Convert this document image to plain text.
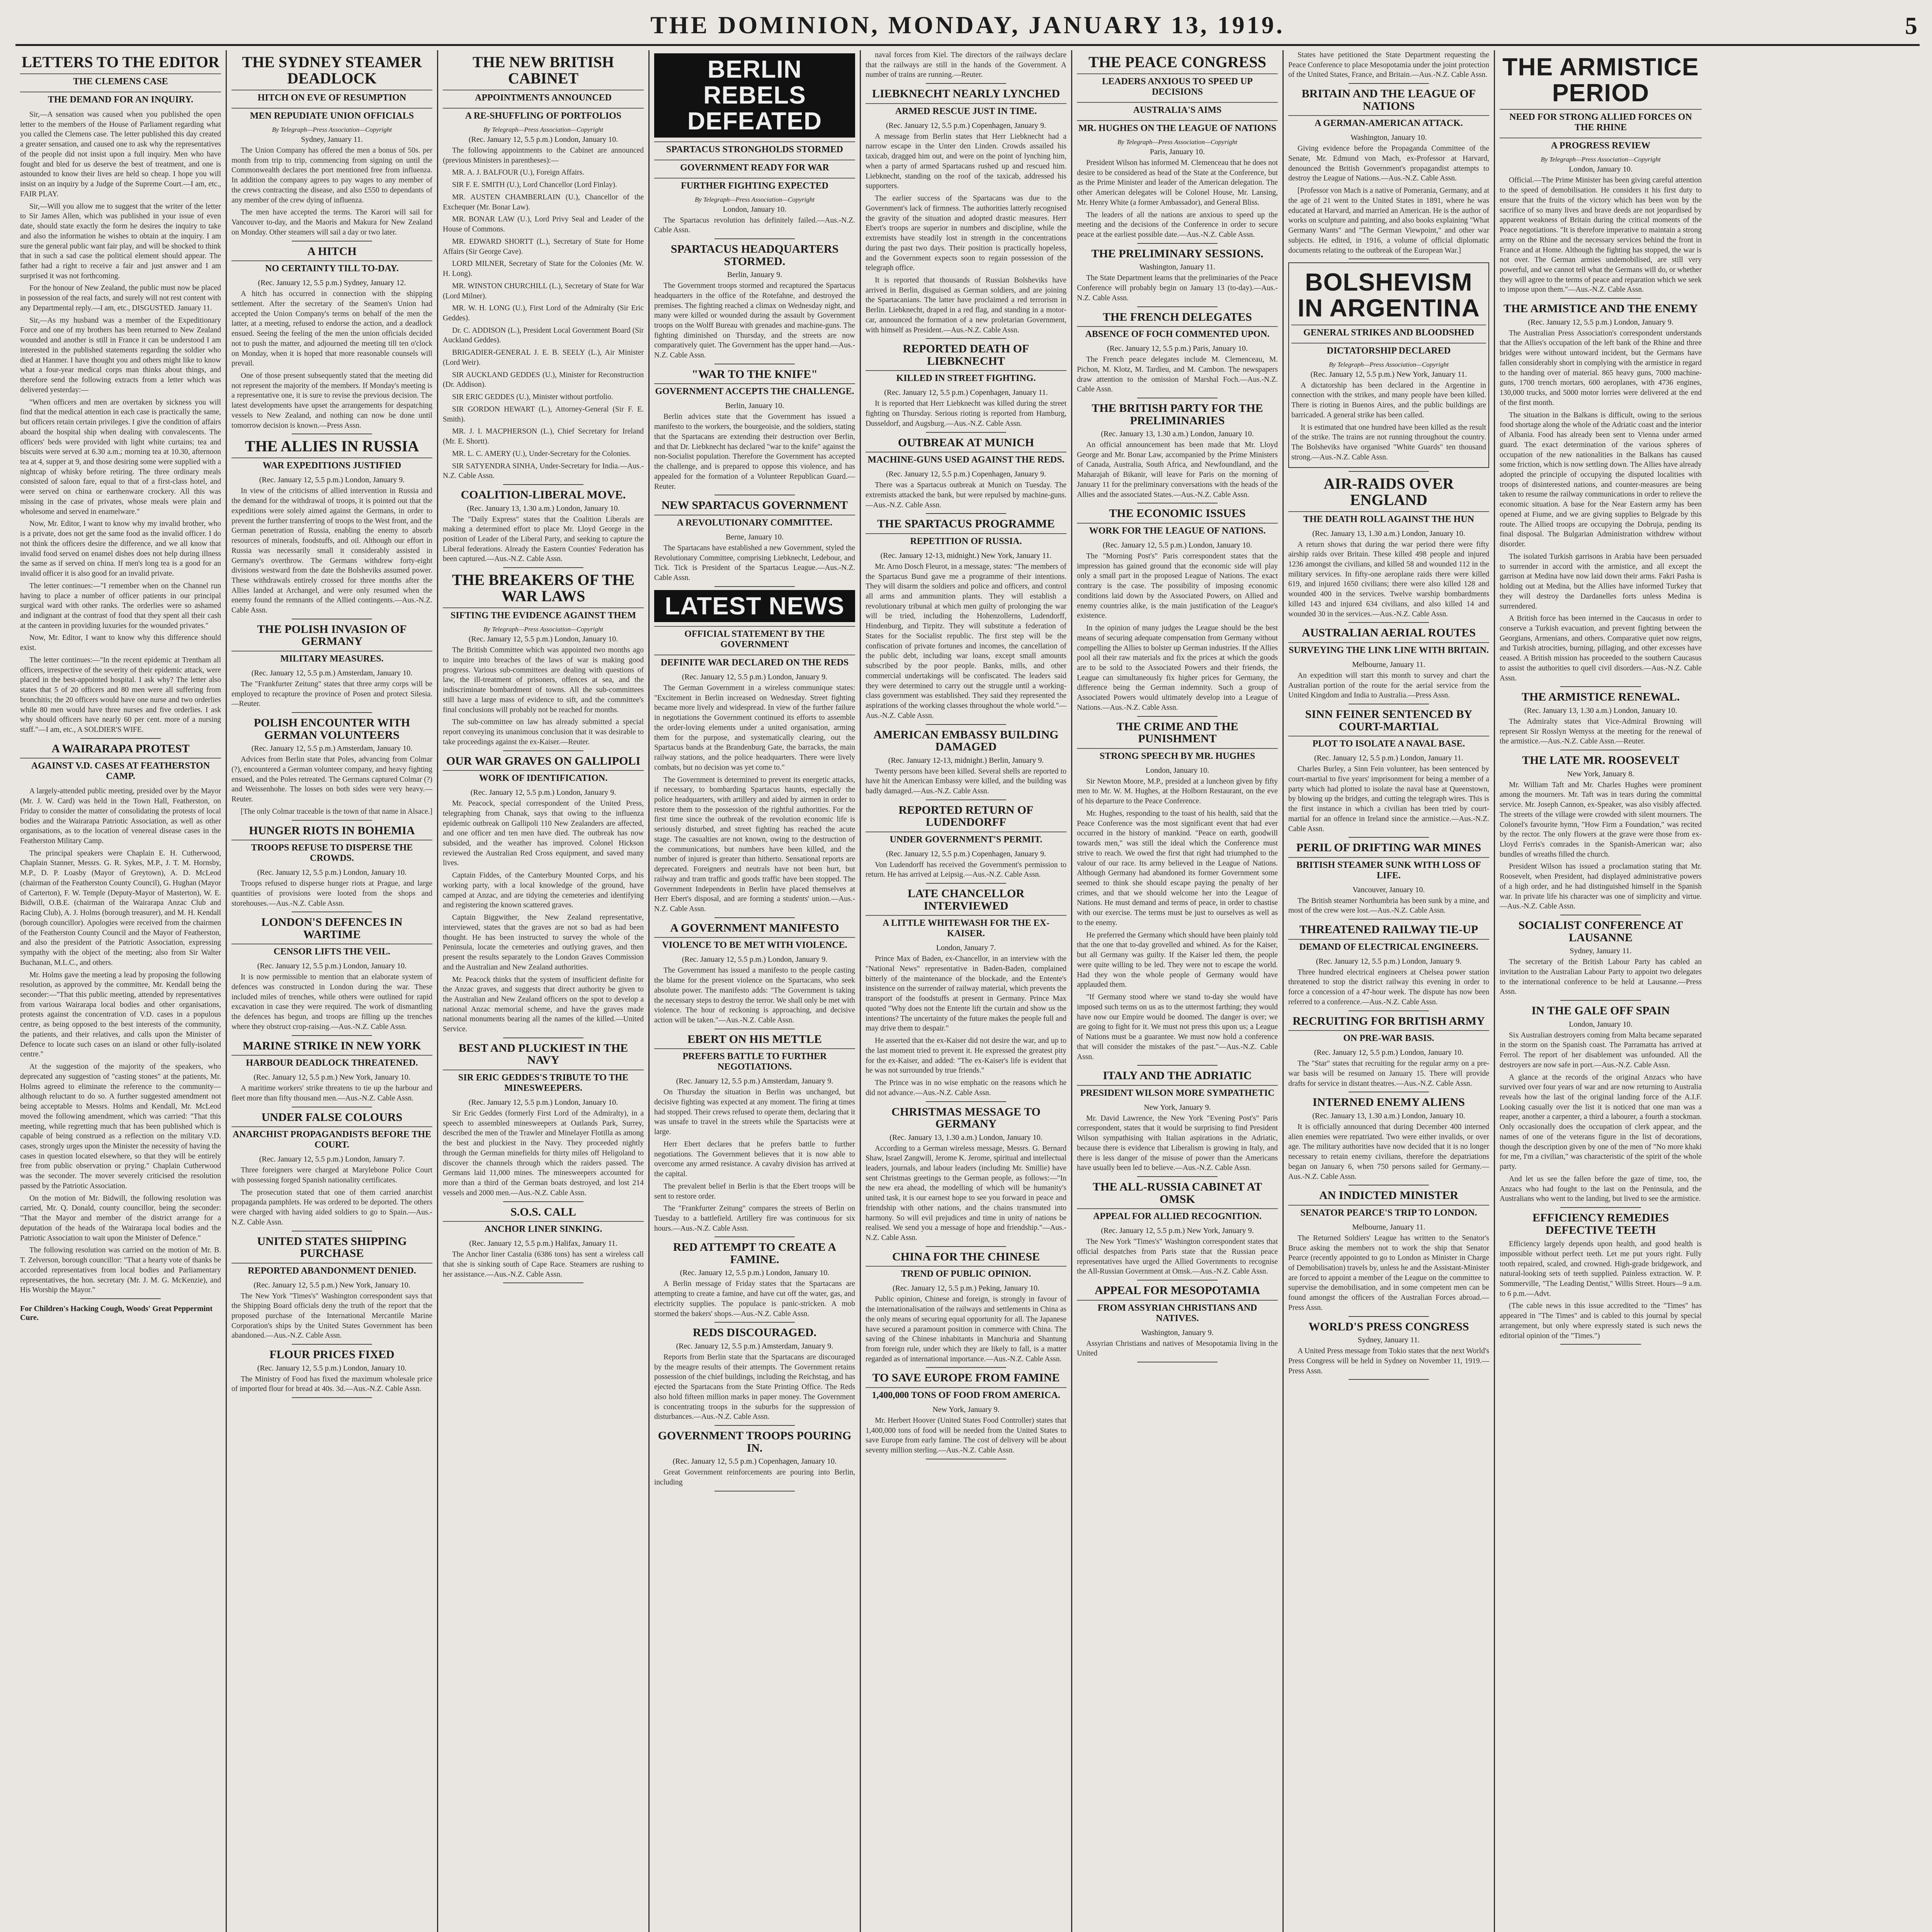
THE DOMINION, MONDAY, JANUARY 13, 1919.	5
LETTERS TO THE EDITOR
THE CLEMENS CASE
THE DEMAND FOR AN INQUIRY.

Sir,—A sensation was caused when you published the open letter to the members of the House of Parliament regarding what you called the Clemens case. The letter published this day created a greater sensation, and caused one to ask why the representatives of the people did not insist upon a full inquiry. Men who have fought and bled for us deserve the best of treatment, and one is astounded to know their lives are held so cheap. I hope you will insist on an inquiry by a Judge of the Supreme Court.—I am, etc., FAIR PLAY.

Sir,—Will you allow me to suggest that the writer of the letter to Sir James Allen, which was published in your issue of even date, should state exactly the form he desires the inquiry to take and also the information he wishes to obtain at the inquiry. I am sure the general public want fair play, and will be shocked to think that in such a sad case the political element should appear. The father had a right to receive a fair and just answer and I am surprised it was not forthcoming.

For the honour of New Zealand, the public must now be placed in possession of the real facts, and surely will not rest content with any Departmental reply.—I am, etc., DISGUSTED. January 11.

Sir,—As my husband was a member of the Expeditionary Force and one of my brothers has been returned to New Zealand wounded and another is still in France it can be understood I am interested in the published statements regarding the soldier who died at Hanmer. I have thought you and others might like to know what a four-year medical corps man thinks about things, and therefore send the following extracts from a letter which was delivered yesterday:—

"When officers and men are overtaken by sickness you will find that the medical attention in each case is practically the same, but officers retain certain privileges. I give the condition of affairs aboard the hospital ship when dealing with convalescents. The officers' beds were provided with light white curtains; tea and biscuits were served at 6.30 a.m.; morning tea at 10.30, afternoon tea at 4, supper at 9, and those desiring some were supplied with a nightcap of whisky before retiring. The three ordinary meals consisted of saloon fare, equal to that of a first-class hotel, and were served on china or earthenware crockery. All this was missing in the case of privates, whose meals were plain and wholesome and served in enamelware."

Now, Mr. Editor, I want to know why my invalid brother, who is a private, does not get the same food as the invalid officer. I do not think the officers desire the difference, and we all know that invalid food served on enamel dishes does not help during illness the same as if served on china. If men's long tea is a good for an invalid officer it is also good for an invalid private.

The letter continues:—"I remember when on the Channel run having to place a number of officer patients in our principal surgical ward with other ranks. The orderlies were so ashamed and indignant at the contrast of food that they spent all their cash at the canteen in providing luxuries for the wounded privates."

Now, Mr. Editor, I want to know why this difference should exist.

The letter continues:—"In the recent epidemic at Trentham all officers, irrespective of the severity of their epidemic attack, were placed in the best-appointed hospital. I ask why? The letter also states that 5 of 20 officers and 80 men were all suffering from bronchitis; the 20 officers would have one nurse and two orderlies while 80 men would have three nurses and five orderlies. I ask why should officers have nearly 60 per cent. more of a nursing staff."—I am, etc., A SOLDIER'S WIFE.

A WAIRARAPA PROTEST
AGAINST V.D. CASES AT FEATHERSTON CAMP.

A largely-attended public meeting, presided over by the Mayor (Mr. J. W. Card) was held in the Town Hall, Featherston, on Friday to consider the matter of consolidating the protests of local bodies and the Wairarapa Patriotic Association, as well as other organisations, as to the location of venereal disease cases in the Featherston Military Camp.

The principal speakers were Chaplain E. H. Cutherwood, Chaplain Stanner, Messrs. G. R. Sykes, M.P., J. T. M. Hornsby, M.P., D. P. Loasby (Mayor of Greytown), A. D. McLeod (chairman of the Featherston County Council), G. Hughan (Mayor of Carterton), F. W. Temple (Deputy-Mayor of Masterton), W. E. Bidwill, O.B.E. (chairman of the Wairarapa Anzac Club and Racing Club), A. J. Holms (borough treasurer), and M. H. Kendall (borough councillor). Apologies were received from the chairmen of the Featherston County Council and the Mayor of Featherston, and also the president of the Patriotic Association, expressing sympathy with the object of the meeting; also from Sir Walter Buchanan, M.L.C., and others.

Mr. Holms gave the meeting a lead by proposing the following resolution, as approved by the committee, Mr. Kendall being the seconder:—"That this public meeting, attended by representatives from various Wairarapa local bodies and other organisations, protests against the concentration of V.D. cases in a populous centre, as being opposed to the best interests of the community, the patients, and their relatives, and calls upon the Minister of Defence to locate such cases on an island or other fully-isolated centre."

At the suggestion of the majority of the speakers, who deprecated any suggestion of "casting stones" at the patients, Mr. Holms agreed to eliminate the reference to the community—although reluctant to do so. A further suggested amendment not being acceptable to Messrs. Holms and Kendall, Mr. McLeod moved the following amendment, which was carried: "That this meeting, while regretting much that has been published which is capable of being construed as a reflection on the military V.D. cases, strongly urges upon the Minister the necessity of having the cases in question located elsewhere, so that they will be entirely free from public observation or prying." Chaplain Cutherwood was the seconder. The mover severely criticised the resolution passed by the Patriotic Association.

On the motion of Mr. Bidwill, the following resolution was carried, Mr. Q. Donald, county councillor, being the seconder: "That the Mayor and member of the district arrange for a deputation of the heads of the Wairarapa local bodies and the Patriotic Association to wait upon the Minister of Defence."

The following resolution was carried on the motion of Mr. B. T. Zelverson, borough councillor: "That a hearty vote of thanks be accorded representatives from local bodies and Parliamentary representatives, the hon. secretary (Mr. J. M. G. McKenzie), and His Worship the Mayor."

For Children's Hacking Cough, Woods' Great Peppermint Cure.
THE SYDNEY STEAMER DEADLOCK
HITCH ON EVE OF RESUMPTION
MEN REPUDIATE UNION OFFICIALS
By Telegraph—Press Association—Copyright
Sydney, January 11.

The Union Company has offered the men a bonus of 50s. per month from trip to trip, commencing from signing on until the Commonwealth declares the port mentioned free from influenza. In addition the company agrees to pay wages to any member of the crews contracting the disease, and also £550 to dependants of any member of the crew dying of influenza.

The men have accepted the terms. The Karori will sail for Vancouver to-day, and the Maoris and Makura for New Zealand on Monday. Other steamers will sail a day or two later.

A HITCH
NO CERTAINTY TILL TO-DAY.
(Rec. January 12, 5.5 p.m.) Sydney, January 12.

A hitch has occurred in connection with the shipping settlement. After the secretary of the Seamen's Union had accepted the Union Company's terms on behalf of the men the latter, at a meeting, refused to endorse the action, and a deadlock ensued. Seeing the feeling of the men the union officials decided not to push the matter, and adjourned the meeting till ten o'clock on Monday, when it is hoped that more reasonable counsels will prevail.

One of those present subsequently stated that the meeting did not represent the majority of the members. If Monday's meeting is a representative one, it is sure to revise the previous decision. The latest developments have upset the arrangements for despatching vessels to New Zealand, and nothing can now be done until tomorrow decision is known.—Press Assn.

THE ALLIES IN RUSSIA
WAR EXPEDITIONS JUSTIFIED
(Rec. January 12, 5.5 p.m.) London, January 9.

In view of the criticisms of allied intervention in Russia and the demand for the withdrawal of troops, it is pointed out that the expeditions were solely aimed against the Germans, in order to prevent the further transferring of troops to the West front, and the German penetration of Russia, enabling the enemy to absorb resources of minerals, foodstuffs, and oil. Although our effort in Russia was necessarily small it considerably assisted in Germany's overthrow. The Germans withdrew forty-eight divisions westward from the date the Bolsheviks assumed power. These withdrawals entirely crossed for three months after the Allies landed at Archangel, and were only resumed when the enemy found the remnants of the Allied contingents.—Aus.-N.Z. Cable Assn.

THE POLISH INVASION OF GERMANY
MILITARY MEASURES.
(Rec. January 12, 5.5 p.m.) Amsterdam, January 10.

The "Frankfurter Zeitung" states that three army corps will be employed to recapture the province of Posen and protect Silesia.—Reuter.

POLISH ENCOUNTER WITH GERMAN VOLUNTEERS
(Rec. January 12, 5.5 p.m.) Amsterdam, January 10.

Advices from Berlin state that Poles, advancing from Colmar (?), encountered a German volunteer company, and heavy fighting ensued, and the Poles retreated. The Germans captured Colmar (?) and Weissenhohe. The losses on both sides were very heavy.—Reuter.

[The only Colmar traceable is the town of that name in Alsace.]

HUNGER RIOTS IN BOHEMIA
TROOPS REFUSE TO DISPERSE THE CROWDS.
(Rec. January 12, 5.5 p.m.) London, January 10.

Troops refused to disperse hunger riots at Prague, and large quantities of provisions were looted from the shops and storehouses.—Aus.-N.Z. Cable Assn.

LONDON'S DEFENCES IN WARTIME
CENSOR LIFTS THE VEIL.
(Rec. January 12, 5.5 p.m.) London, January 10.

It is now permissible to mention that an elaborate system of defences was constructed in London during the war. These included miles of trenches, while others were outlined for rapid excavation in case they were required. The work of dismantling the defences has begun, and troops are filling up the trenches where they obstruct crop-raising.—Aus.-N.Z. Cable Assn.

MARINE STRIKE IN NEW YORK
HARBOUR DEADLOCK THREATENED.
(Rec. January 12, 5.5 p.m.) New York, January 10.

A maritime workers' strike threatens to tie up the harbour and fleet more than fifty thousand men.—Aus.-N.Z. Cable Assn.

UNDER FALSE COLOURS
ANARCHIST PROPAGANDISTS BEFORE THE COURT.
(Rec. January 12, 5.5 p.m.) London, January 7.

Three foreigners were charged at Marylebone Police Court with possessing forged Spanish nationality certificates.

The prosecution stated that one of them carried anarchist propaganda pamphlets. He was ordered to be deported. The others were charged with having aided soldiers to go to Spain.—Aus.-N.Z. Cable Assn.

UNITED STATES SHIPPING PURCHASE
REPORTED ABANDONMENT DENIED.
(Rec. January 12, 5.5 p.m.) New York, January 10.

The New York "Times's" Washington correspondent says that the Shipping Board officials deny the truth of the report that the proposed purchase of the International Mercantile Marine Corporation's ships by the United States Government has been abandoned.—Aus.-N.Z. Cable Assn.

FLOUR PRICES FIXED
(Rec. January 12, 5.5 p.m.) London, January 10.

The Ministry of Food has fixed the maximum wholesale price of imported flour for bread at 40s. 3d.—Aus.-N.Z. Cable Assn.

THE NEW BRITISH CABINET
APPOINTMENTS ANNOUNCED
A RE-SHUFFLING OF PORTFOLIOS
By Telegraph—Press Association—Copyright
(Rec. January 12, 5.5 p.m.) London, January 10.

The following appointments to the Cabinet are announced (previous Ministers in parentheses):—

MR. A. J. BALFOUR (U.), Foreign Affairs.

SIR F. E. SMITH (U.), Lord Chancellor (Lord Finlay).

MR. AUSTEN CHAMBERLAIN (U.), Chancellor of the Exchequer (Mr. Bonar Law).

MR. BONAR LAW (U.), Lord Privy Seal and Leader of the House of Commons.

MR. EDWARD SHORTT (L.), Secretary of State for Home Affairs (Sir George Cave).

LORD MILNER, Secretary of State for the Colonies (Mr. W. H. Long).

MR. WINSTON CHURCHILL (L.), Secretary of State for War (Lord Milner).

MR. W. H. LONG (U.), First Lord of the Admiralty (Sir Eric Geddes).

Dr. C. ADDISON (L.), President Local Government Board (Sir Auckland Geddes).

BRIGADIER-GENERAL J. E. B. SEELY (L.), Air Minister (Lord Weir).

SIR AUCKLAND GEDDES (U.), Minister for Reconstruction (Dr. Addison).

SIR ERIC GEDDES (U.), Minister without portfolio.

SIR GORDON HEWART (L.), Attorney-General (Sir F. E. Smith).

MR. J. I. MACPHERSON (L.), Chief Secretary for Ireland (Mr. E. Shortt).

MR. L. C. AMERY (U.), Under-Secretary for the Colonies.

SIR SATYENDRA SINHA, Under-Secretary for India.—Aus.-N.Z. Cable Assn.

COALITION-LIBERAL MOVE.
(Rec. January 13, 1.30 a.m.) London, January 10.

The "Daily Express" states that the Coalition Liberals are making a determined effort to place Mr. Lloyd George in the position of Leader of the Liberal Party, and seeking to capture the Liberal federations. Already the Eastern Counties' Federation has been captured.—Aus.-N.Z. Cable Assn.

THE BREAKERS OF THE WAR LAWS
SIFTING THE EVIDENCE AGAINST THEM
By Telegraph—Press Association—Copyright
(Rec. January 12, 5.5 p.m.) London, January 10.

The British Committee which was appointed two months ago to inquire into breaches of the laws of war is making good progress. Various sub-committees are dealing with questions of law, the ill-treatment of prisoners, offences at sea, and the indiscriminate bombardment of towns. All the sub-committees still have a large mass of evidence to sift, and the committee's final conclusions will probably not be reached for months.

The sub-committee on law has already submitted a special report conveying its unanimous conclusion that it was desirable to take proceedings against the ex-Kaiser.—Reuter.

OUR WAR GRAVES ON GALLIPOLI
WORK OF IDENTIFICATION.
(Rec. January 12, 5.5 p.m.) London, January 9.

Mr. Peacock, special correspondent of the United Press, telegraphing from Chanak, says that owing to the influenza epidemic outbreak on Gallipoli 110 New Zealanders are affected, and one officer and ten men have died. The outbreak has now subsided, and the weather has improved. Colonel Hickson reviewed the Australian Red Cross equipment, and saved many lives.

Captain Fiddes, of the Canterbury Mounted Corps, and his working party, with a local knowledge of the ground, have camped at Anzac, and are tidying the cemeteries and identifying and registering the known scattered graves.

Captain Biggwither, the New Zealand representative, interviewed, states that the graves are not so bad as had been thought. He has been instructed to survey the whole of the Peninsula, locate the cemeteries and outlying graves, and then present the results separately to the London Graves Commission and the Australian and New Zealand authorities.

Mr. Peacock thinks that the system of insufficient definite for the Anzac graves, and suggests that direct authority be given to the Australian and New Zealand officers on the spot to develop a national Anzac memorial scheme, and have the graves made national monuments bearing all the names of the killed.—United Service.

BEST AND PLUCKIEST IN THE NAVY
SIR ERIC GEDDES'S TRIBUTE TO THE MINESWEEPERS.
(Rec. January 12, 5.5 p.m.) London, January 10.

Sir Eric Geddes (formerly First Lord of the Admiralty), in a speech to assembled minesweepers at Oatlands Park, Surrey, described the men of the Trawler and Minelayer Flotilla as among the best and pluckiest in the Navy. They proceeded nightly through the German minefields for thirty miles off Heligoland to discover the channels through which the raiders passed. The Germans laid 11,000 mines. The minesweepers accounted for more than a third of the German boats destroyed, and lost 214 vessels and 2000 men.—Aus.-N.Z. Cable Assn.

S.O.S. CALL
ANCHOR LINER SINKING.
(Rec. January 12, 5.5 p.m.) Halifax, January 11.

The Anchor liner Castalia (6386 tons) has sent a wireless call that she is sinking south of Cape Race. Steamers are rushing to her assistance.—Aus.-N.Z. Cable Assn.

BERLIN REBELS DEFEATED
SPARTACUS STRONGHOLDS STORMED
GOVERNMENT READY FOR WAR
FURTHER FIGHTING EXPECTED
By Telegraph—Press Association—Copyright
London, January 10.

The Spartacus revolution has definitely failed.—Aus.-N.Z. Cable Assn.

SPARTACUS HEADQUARTERS STORMED.
Berlin, January 9.

The Government troops stormed and recaptured the Spartacus headquarters in the office of the Rotefahne, and destroyed the premises. The fighting reached a climax on Wednesday night, and many were killed or wounded during the assault by Government troops on the Wolff Bureau with grenades and machine-guns. The fighting diminished on Thursday, and the streets are now comparatively quiet. The Government has the upper hand.—Aus.-N.Z. Cable Assn.

"WAR TO THE KNIFE"
GOVERNMENT ACCEPTS THE CHALLENGE.
Berlin, January 10.

Berlin advices state that the Government has issued a manifesto to the workers, the bourgeoisie, and the soldiers, stating that the Spartacans are extending their destruction over Berlin, and that Dr. Liebknecht has declared "war to the knife" against the non-Socialist population. Therefore the Government has accepted the challenge, and is prepared to oppose this violence, and has appealed for the formation of a Volunteer Republican Guard.—Reuter.

NEW SPARTACUS GOVERNMENT
A REVOLUTIONARY COMMITTEE.
Berne, January 10.

The Spartacans have established a new Government, styled the Revolutionary Committee, comprising Liebknecht, Ledebour, and Tick. Tick is President of the Spartacus League.—Aus.-N.Z. Cable Assn.

LATEST NEWS
OFFICIAL STATEMENT BY THE GOVERNMENT
DEFINITE WAR DECLARED ON THE REDS
(Rec. January 12, 5.5 p.m.) London, January 9.

The German Government in a wireless communique states: "Excitement in Berlin increased on Wednesday. Street fighting became more lively and widespread. In view of the further failure in negotiations the Government continued its efforts to assemble the order-loving elements under a united organisation, arming them for the purpose, and systematically clearing, out the Spartacus bands at the Brandenburg Gate, the barracks, the main railway stations, and the police headquarters. There were lively combats, but no decision was yet come to."

The Government is determined to prevent its energetic attacks, if necessary, to bombarding Spartacus haunts, especially the police headquarters, with artillery and aided by airmen in order to restore them to the possession of the rightful authorities. For the first time since the outbreak of the revolution economic life is seriously disturbed, and street fighting has reached the acute stage. The casualties are not known, owing to the destruction of the communications, but numbers have been killed, and the number of injured is greater than hitherto. Sensational reports are deprecated. Foreigners and neutrals have not been hurt, but railway and tram traffic and goods traffic have been stopped. The Government Independents in Berlin have placed themselves at Herr Ebert's disposal, and are forming a students' union.—Aus.-N.Z. Cable Assn.

A GOVERNMENT MANIFESTO
VIOLENCE TO BE MET WITH VIOLENCE.
(Rec. January 12, 5.5 p.m.) London, January 9.

The Government has issued a manifesto to the people casting the blame for the present violence on the Spartacans, who seek absolute power. The manifesto adds: "The Government is taking the necessary steps to destroy the terror. We shall only be met with violence. The hour of reckoning is approaching, and decisive action will be taken."—Aus.-N.Z. Cable Assn.

EBERT ON HIS METTLE
PREFERS BATTLE TO FURTHER NEGOTIATIONS.
(Rec. January 12, 5.5 p.m.) Amsterdam, January 9.

On Thursday the situation in Berlin was unchanged, but decisive fighting was expected at any moment. The firing at times had stopped. Their crews refused to operate them, declaring that it was unsafe to travel in the streets while the Spartacists were at large.

Herr Ebert declares that he prefers battle to further negotiations. The Government believes that it is now able to overcome any armed resistance. A cavalry division has arrived at the capital.

The prevalent belief in Berlin is that the Ebert troops will be sent to restore order.

The "Frankfurter Zeitung" compares the streets of Berlin on Tuesday to a battlefield. Artillery fire was continuous for six hours.—Aus.-N.Z. Cable Assn.

RED ATTEMPT TO CREATE A FAMINE.
(Rec. January 12, 5.5 p.m.) London, January 10.

A Berlin message of Friday states that the Spartacans are attempting to create a famine, and have cut off the water, gas, and electricity supplies. The populace is panic-stricken. A mob stormed the bakers' shops.—Aus.-N.Z. Cable Assn.

REDS DISCOURAGED.
(Rec. January 12, 5.5 p.m.) Amsterdam, January 9.

Reports from Berlin state that the Spartacans are discouraged by the meagre results of their attempts. The Government retains possession of the chief buildings, including the Reichstag, and has ejected the Spartacans from the State Printing Office. The Reds also hold fifteen million marks in paper money. The Government is concentrating troops in the suburbs for the suppression of disturbances.—Aus.-N.Z. Cable Assn.

GOVERNMENT TROOPS POURING IN.
(Rec. January 12, 5.5 p.m.) Copenhagen, January 10.

Great Government reinforcements are pouring into Berlin, including

naval forces from Kiel. The directors of the railways declare that the railways are still in the hands of the Government. A number of trains are running.—Reuter.

LIEBKNECHT NEARLY LYNCHED
ARMED RESCUE JUST IN TIME.
(Rec. January 12, 5.5 p.m.) Copenhagen, January 9.

A message from Berlin states that Herr Liebknecht had a narrow escape in the Unter den Linden. Crowds assailed his taxicab, dragged him out, and were on the point of lynching him, when a party of armed Spartacans rushed up and rescued him. Liebknecht, standing on the roof of the taxicab, addressed his supporters.

The earlier success of the Spartacans was due to the Government's lack of firmness. The authorities latterly recognised the gravity of the situation and adopted drastic measures. Herr Ebert's troops are superior in numbers and discipline, while the extremists have steadily lost in strength in the concentrations during the past two days. Their position is practically hopeless, and the Government expects soon to regain possession of the telegraph office.

It is reported that thousands of Russian Bolsheviks have arrived in Berlin, disguised as German soldiers, and are joining the Spartacanians. The latter have proclaimed a red terrorism in Berlin. Liebknecht, draped in a red flag, and standing in a motor-car, announced the formation of a new proletarian Government, with himself as President.—Aus.-N.Z. Cable Assn.

REPORTED DEATH OF LIEBKNECHT
KILLED IN STREET FIGHTING.
(Rec. January 12, 5.5 p.m.) Copenhagen, January 11.

It is reported that Herr Liebknecht was killed during the street fighting on Thursday. Serious rioting is reported from Hamburg, Dusseldorf, and Augsburg.—Aus.-N.Z. Cable Assn.

OUTBREAK AT MUNICH
MACHINE-GUNS USED AGAINST THE REDS.
(Rec. January 12, 5.5 p.m.) Copenhagen, January 9.

There was a Spartacus outbreak at Munich on Tuesday. The extremists attacked the bank, but were repulsed by machine-guns.—Aus.-N.Z. Cable Assn.

THE SPARTACUS PROGRAMME
REPETITION OF RUSSIA.
(Rec. January 12-13, midnight.) New York, January 11.

Mr. Arno Dosch Fleurot, in a message, states: "The members of the Spartacus Bund gave me a programme of their intentions. They will disarm the soldiers and police and officers, and control all arms and ammunition plants. They will establish a revolutionary tribunal at which men guilty of prolonging the war will be tried, including the Hohenzollerns, Ludendorff, Hindenburg, and Tirpitz. They will substitute a federation of States for the Socialist republic. The first step will be the confiscation of private fortunes and incomes, the cancellation of the public debt, including war loans, except small amounts subscribed by the poor people. Banks, mills, and other commercial undertakings will be confiscated. The leaders said they were determined to carry out the struggle until a working-class government was established. They said they represented the aspirations of the working classes throughout the whole world."—Aus.-N.Z. Cable Assn.

AMERICAN EMBASSY BUILDING DAMAGED
(Rec. January 12-13, midnight.) Berlin, January 9.

Twenty persons have been killed. Several shells are reported to have hit the American Embassy were killed, and the building was badly damaged.—Aus.-N.Z. Cable Assn.

REPORTED RETURN OF LUDENDORFF
UNDER GOVERNMENT'S PERMIT.
(Rec. January 12, 5.5 p.m.) Copenhagen, January 9.

Von Ludendorff has received the Government's permission to return. He has arrived at Leipsig.—Aus.-N.Z. Cable Assn.

LATE CHANCELLOR INTERVIEWED
A LITTLE WHITEWASH FOR THE EX-KAISER.
London, January 7.

Prince Max of Baden, ex-Chancellor, in an interview with the "National News" representative in Baden-Baden, complained bitterly of the maintenance of the blockade, and the Entente's insistence on the surrender of railway material, which prevents the transport of the foodstuffs at present in Germany. Prince Max quoted "Why does not the Entente lift the curtain and show us the intentions? The uncertainty of the future makes the people full and may drive them to despair."

He asserted that the ex-Kaiser did not desire the war, and up to the last moment tried to prevent it. He expressed the greatest pity for the ex-Kaiser, and added: "The ex-Kaiser's life is evident that he was not surrounded by true friends."

The Prince was in no wise emphatic on the reasons which he did not advance.—Aus.-N.Z. Cable Assn.

CHRISTMAS MESSAGE TO GERMANY
(Rec. January 13, 1.30 a.m.) London, January 10.

According to a German wireless message, Messrs. G. Bernard Shaw, Israel Zangwill, Jerome K. Jerome, spiritual and intellectual leaders, journals, and labour leaders (including Mr. Smillie) have sent Christmas greetings to the German people, as follows:—"In the new era ahead, the modelling of which will be humanity's united task, it is our earnest hope to see you forward in peace and friendship with other nations, and the chains transmuted into harmony. So will evil prejudices and time in unity of nations be realised. We send you a message of hope and friendship."—Aus.-N.Z. Cable Assn.

CHINA FOR THE CHINESE
TREND OF PUBLIC OPINION.
(Rec. January 12, 5.5 p.m.) Peking, January 10.

Public opinion, Chinese and foreign, is strongly in favour of the internationalisation of the railways and settlements in China as the only means of securing equal opportunity for all. The Japanese have secured a paramount position in commerce with China. The saving of the Chinese inhabitants in Manchuria and Shantung from foreign rule, under which they are likely to fall, is a matter regarded as of international importance.—Aus.-N.Z. Cable Assn.

TO SAVE EUROPE FROM FAMINE
1,400,000 TONS OF FOOD FROM AMERICA.
New York, January 9.

Mr. Herbert Hoover (United States Food Controller) states that 1,400,000 tons of food will be needed from the United States to save Europe from early famine. The cost of delivery will be about seventy million sterling.—Aus.-N.Z. Cable Assn.

THE PEACE CONGRESS
LEADERS ANXIOUS TO SPEED UP DECISIONS
AUSTRALIA'S AIMS
MR. HUGHES ON THE LEAGUE OF NATIONS
By Telegraph—Press Association—Copyright
Paris, January 10.

President Wilson has informed M. Clemenceau that he does not desire to be considered as head of the State at the Conference, but as the Prime Minister and leader of the American delegation. The other American delegates will be Colonel House, Mr. Lansing, Mr. Henry White (a former Ambassador), and General Bliss.

The leaders of all the nations are anxious to speed up the meeting and the decisions of the Conference in order to secure peace at the earliest possible date.—Aus.-N.Z. Cable Assn.

THE PRELIMINARY SESSIONS.
Washington, January 11.

The State Department learns that the preliminaries of the Peace Conference will probably begin on January 13 (to-day).—Aus.-N.Z. Cable Assn.

THE FRENCH DELEGATES
ABSENCE OF FOCH COMMENTED UPON.
(Rec. January 12, 5.5 p.m.) Paris, January 10.

The French peace delegates include M. Clemenceau, M. Pichon, M. Klotz, M. Tardieu, and M. Cambon. The newspapers draw attention to the omission of Marshal Foch.—Aus.-N.Z. Cable Assn.

THE BRITISH PARTY FOR THE PRELIMINARIES
(Rec. January 13, 1.30 a.m.) London, January 10.

An official announcement has been made that Mr. Lloyd George and Mr. Bonar Law, accompanied by the Prime Ministers of Canada, Australia, South Africa, and Newfoundland, and the Maharajah of Bikanir, will leave for Paris on the morning of January 11 for the preliminary conversations with the heads of the Allies and the associated States.—Aus.-N.Z. Cable Assn.

THE ECONOMIC ISSUES
WORK FOR THE LEAGUE OF NATIONS.
(Rec. January 12, 5.5 p.m.) London, January 10.

The "Morning Post's" Paris correspondent states that the impression has gained ground that the economic side will play only a small part in the proposed League of Nations. The exact contrary is the case. The possibility of imposing economic conditions laid down by the Associated Powers, on Allied and enemy countries alike, is the main justification of the League's existence.

In the opinion of many judges the League should be the best means of securing adequate compensation from Germany without compelling the Allies to bolster up German industries. If the Allies pool all their raw materials and fix the prices at which the goods are to be sold to the Associated Powers and their friends, the League can simultaneously fix higher prices for Germany, the difference being the German indemnity. Such a group of Associated Powers would ultimately develop into a League of Nations.—Aus.-N.Z. Cable Assn.

THE CRIME AND THE PUNISHMENT
STRONG SPEECH BY MR. HUGHES
London, January 10.

Sir Newton Moore, M.P., presided at a luncheon given by fifty men to Mr. W. M. Hughes, at the Holborn Restaurant, on the eve of his departure to the Peace Conference.

Mr. Hughes, responding to the toast of his health, said that the Peace Conference was the most significant event that had ever occurred in the history of mankind. "Peace on earth, goodwill towards men," was still the ideal which the Conference must strive to reach. We owed the first that right had triumphed to the valour of our race. Its army believed in the League of Nations. Although Germany had abandoned its former Government some seemed to think she should escape paying the penalty of her crimes, and that we should welcome her into the League of Nations. He must demand and terms of peace, in order to chastise with our exercise. The terms must be just to ourselves as well as to the enemy.

He preferred the Germany which should have been plainly told that the one that to-day grovelled and whined. As for the Kaiser, but all Germany was guilty. If the Kaiser led them, the people were quite willing to be led. They were not to escape the world. Had they won the whole people of Germany would have applauded them.

"If Germany stood where we stand to-day she would have imposed such terms on us as to the uttermost farthing; they would have now our Empire would be doomed. The danger is over; we are going to fight for it. We must not press this upon us; a League of Nations must be a guarantee. We must now hold a conference that will consider the mistakes of the past."—Aus.-N.Z. Cable Assn.

ITALY AND THE ADRIATIC
PRESIDENT WILSON MORE SYMPATHETIC
New York, January 9.

Mr. David Lawrence, the New York "Evening Post's" Paris correspondent, states that it would be surprising to find President Wilson sympathising with Italian aspirations in the Adriatic, because there is evidence that Liberalism is growing in Italy, and there is less danger of the misuse of power than the Americans have usually been led to believe.—Aus.-N.Z. Cable Assn.

THE ALL-RUSSIA CABINET AT OMSK
APPEAL FOR ALLIED RECOGNITION.
(Rec. January 12, 5.5 p.m.) New York, January 9.

The New York "Times's" Washington correspondent states that official despatches from Paris state that the Russian peace representatives have urged the Allied Governments to recognise the All-Russian Government at Omsk.—Aus.-N.Z. Cable Assn.

APPEAL FOR MESOPOTAMIA
FROM ASSYRIAN CHRISTIANS AND NATIVES.
Washington, January 9.

Assyrian Christians and natives of Mesopotamia living in the United

States have petitioned the State Department requesting the Peace Conference to place Mesopotamia under the joint protection of the United States, France, and Britain.—Aus.-N.Z. Cable Assn.

BRITAIN AND THE LEAGUE OF NATIONS
A GERMAN-AMERICAN ATTACK.
Washington, January 10.

Giving evidence before the Propaganda Committee of the Senate, Mr. Edmund von Mach, ex-Professor at Harvard, denounced the British Government's propagandist attempts to destroy the League of Nations.—Aus.-N.Z. Cable Assn.

[Professor von Mach is a native of Pomerania, Germany, and at the age of 21 went to the United States in 1891, where he was educated at Harvard, and married an American. He is the author of works on sculpture and painting, and also books explaining "What Germany Wants" and "The German Viewpoint," and other war subjects. He edited, in 1916, a volume of official diplomatic documents relating to the outbreak of the European War.]

BOLSHEVISM IN ARGENTINA
GENERAL STRIKES AND BLOODSHED
DICTATORSHIP DECLARED
By Telegraph—Press Association—Copyright
(Rec. January 12, 5.5 p.m.) New York, January 11.

A dictatorship has been declared in the Argentine in connection with the strikes, and many people have been killed. There is rioting in Buenos Aires, and the public buildings are barricaded. A general strike has been called.

It is estimated that one hundred have been killed as the result of the strike. The trains are not running throughout the country. The Bolsheviks have organised "White Guards" ten thousand strong.—Aus.-N.Z. Cable Assn.

AIR-RAIDS OVER ENGLAND
THE DEATH ROLL AGAINST THE HUN
(Rec. January 13, 1.30 a.m.) London, January 10.

A return shows that during the war period there were fifty airship raids over Britain. These killed 498 people and injured 1236 amongst the civilians, and killed 58 and wounded 112 in the military services. In fifty-one aeroplane raids there were killed 619, and injured 1650 civilians; there were also killed 128 and wounded 400 in the services. Twelve warship bombardments killed 143 and injured 634 civilians, and also killed 14 and wounded 30 in the services.—Aus.-N.Z. Cable Assn.

AUSTRALIAN AERIAL ROUTES
SURVEYING THE LINK LINE WITH BRITAIN.
Melbourne, January 11.

An expedition will start this month to survey and chart the Australian portion of the route for the aerial service from the United Kingdom and India to Australia.—Press Assn.

SINN FEINER SENTENCED BY COURT-MARTIAL
PLOT TO ISOLATE A NAVAL BASE.
(Rec. January 12, 5.5 p.m.) London, January 11.

Charles Burley, a Sinn Fein volunteer, has been sentenced by court-martial to five years' imprisonment for being a member of a party which had plotted to isolate the naval base at Queenstown, by blowing up the bridges, and cutting the telegraph wires. This is the first instance in which a civilian has been tried by court-martial for an offence in Ireland since the armistice.—Aus.-N.Z. Cable Assn.

PERIL OF DRIFTING WAR MINES
BRITISH STEAMER SUNK WITH LOSS OF LIFE.
Vancouver, January 10.

The British steamer Northumbria has been sunk by a mine, and most of the crew were lost.—Aus.-N.Z. Cable Assn.

THREATENED RAILWAY TIE-UP
DEMAND OF ELECTRICAL ENGINEERS.
(Rec. January 12, 5.5 p.m.) London, January 9.

Three hundred electrical engineers at Chelsea power station threatened to stop the district railway this evening in order to force a concession of a 47-hour week. The dispute has now been referred to a conference.—Aus.-N.Z. Cable Assn.

RECRUITING FOR BRITISH ARMY
ON PRE-WAR BASIS.
(Rec. January 12, 5.5 p.m.) London, January 10.

The "Star" states that recruiting for the regular army on a pre-war basis will be resumed on January 15. There will provide drafts for service in distant theatres.—Aus.-N.Z. Cable Assn.

INTERNED ENEMY ALIENS
(Rec. January 13, 1.30 a.m.) London, January 10.

It is officially announced that during December 400 interned alien enemies were repatriated. Two were either invalids, or over age. The military authorities have now decided that it is no longer necessary to retain enemy civilians, therefore the depatriations began on January 6, when 750 persons sailed for Germany.—Aus.-N.Z. Cable Assn.

AN INDICTED MINISTER
SENATOR PEARCE'S TRIP TO LONDON.
Melbourne, January 11.

The Returned Soldiers' League has written to the Senator's Bruce asking the members not to work the ship that Senator Pearce (recently appointed to go to London as Minister in Charge of Demobilisation) travels by, unless he and the Assistant-Minister are forced to appoint a member of the League on the committee to supervise the demobilisation, and in some competent men can be found amongst the officers of the Australian Forces abroad.—Press Assn.

WORLD'S PRESS CONGRESS
Sydney, January 11.

A United Press message from Tokio states that the next World's Press Congress will be held in Sydney on November 11, 1919.—Press Assn.

THE ARMISTICE PERIOD
NEED FOR STRONG ALLIED FORCES ON THE RHINE
A PROGRESS REVIEW
By Telegraph—Press Association—Copyright
London, January 10.

Official.—The Prime Minister has been giving careful attention to the speed of demobilisation. He considers it his first duty to ensure that the fruits of the victory which has been won by the sacrifice of so many lives and brave deeds are not jeopardised by apparent weakness of Britain during the critical moments of the Peace negotiations. "It is therefore imperative to maintain a strong army on the Rhine and the necessary services behind the front in France and at Home. Although the fighting has stopped, the war is not over. The German armies undemobilised, are still very powerful, and we cannot tell what the Germans will do, or whether they will agree to the terms of peace and reparation which we seek to impose upon them."—Aus.-N.Z. Cable Assn.

THE ARMISTICE AND THE ENEMY
(Rec. January 12, 5.5 p.m.) London, January 9.

The Australian Press Association's correspondent understands that the Allies's occupation of the left bank of the Rhine and three bridges were without untoward incident, but the Germans have fallen considerably short in complying with the armistice in regard to the handing over of material. 865 heavy guns, 7000 machine-guns, 1700 trench mortars, 600 aeroplanes, with 4736 engines, 130,000 trucks, and 5000 motor lorries were delivered at the end of the first month.

The situation in the Balkans is difficult, owing to the serious food shortage along the whole of the Adriatic coast and the interior of Albania. Food has already been sent to Vienna under armed guard. The exact determination of the various spheres of occupation of the new nationalities in the Balkans has caused some friction, which is now settling down. The Allies have already adopted the principle of occupying the disputed localities with troops of disinterested nations, and counter-measures are being taken to resume the railway communications in order to relieve the economic situation. A base for the Near Eastern army has been opened at Fiume, and we are giving supplies to Belgrade by this route. The Allied troops are occupying the Dobruja, pending its final disposal. The Bulgarian Administration withdrew without disorder.

The isolated Turkish garrisons in Arabia have been persuaded to surrender in accord with the armistice, and all except the garrison at Medina have now laid down their arms. Fakri Pasha is holding out at Medina, but the Allies have informed Turkey that they will destroy the Dardanelles forts unless Medina is surrendered.

A British force has been interned in the Caucasus in order to conserve a Turkish evacuation, and prevent fighting between the Georgians, Armenians, and others. Comparative quiet now reigns, and Turkish atrocities, burning, pillaging, and other excesses have ceased. A British mission has proceeded to the southern Caucasus to assist the authorities to quell civil disorders.—Aus.-N.Z. Cable Assn.

THE ARMISTICE RENEWAL.
(Rec. January 13, 1.30 a.m.) London, January 10.

The Admiralty states that Vice-Admiral Browning will represent Sir Rosslyn Wemyss at the meeting for the renewal of the armistice.—Aus.-N.Z. Cable Assn.—Reuter.

THE LATE MR. ROOSEVELT
New York, January 8.

Mr. William Taft and Mr. Charles Hughes were prominent among the mourners. Mr. Taft was in tears during the committal service. Mr. Joseph Cannon, ex-Speaker, was also visibly affected. The streets of the village were crowded with silent mourners. The Colonel's favourite hymn, "How Firm a Foundation," was recited by the rector. The only flowers at the grave were those from ex-Lloyd Ferris's comrades in the Spanish-American war; also bundles of wreaths filled the church.

President Wilson has issued a proclamation stating that Mr. Roosevelt, when President, had displayed administrative powers of a high order, and he had distinguished himself in the Spanish war. In private life his character was one of simplicity and virtue.—Aus.-N.Z. Cable Assn.

SOCIALIST CONFERENCE AT LAUSANNE
Sydney, January 11.

The secretary of the British Labour Party has cabled an invitation to the Australian Labour Party to appoint two delegates to the international conference to be held at Lausanne.—Press Assn.

IN THE GALE OFF SPAIN
London, January 10.

Six Australian destroyers coming from Malta became separated in the storm on the Spanish coast. The Parramatta has arrived at Ferrol. The report of her disablement was unfounded. All the destroyers are now safe in port.—Aus.-N.Z. Cable Assn.

A glance at the records of the original Anzacs who have survived over four years of war and are now returning to Australia reveals how the last of the original landing force of the A.I.F. Looking casually over the list it is noticed that one man was a reaper, another a carpenter, a third a labourer, a fourth a stockman. Only occasionally does the occupation of clerk appear, and the names of one of the veterans figure in the list of decorations, though the description given by one of the men of "No more khaki for me, I'm a civilian," was characteristic of the spirit of the whole party.

And let us see the fallen before the gaze of time, too, the Anzacs who had fought to the last on the Peninsula, and the Australians who went to the landing, but lived to see the armistice.

EFFICIENCY REMEDIES DEFECTIVE TEETH

Efficiency largely depends upon health, and good health is impossible without perfect teeth. Let me put yours right. Fully tooth repaired, scaled, and crowned. High-grade bridgework, and natural-looking sets of teeth supplied. Painless extraction. W. P. Sommerville, "The Leading Dentist," Willis Street. Hours—9 a.m. to 6 p.m.—Advt.

(The cable news in this issue accredited to the "Times" has appeared in "The Times" and is cabled to this journal by special arrangement, but only where expressly stated is such news the editorial opinion of the "Times.")
